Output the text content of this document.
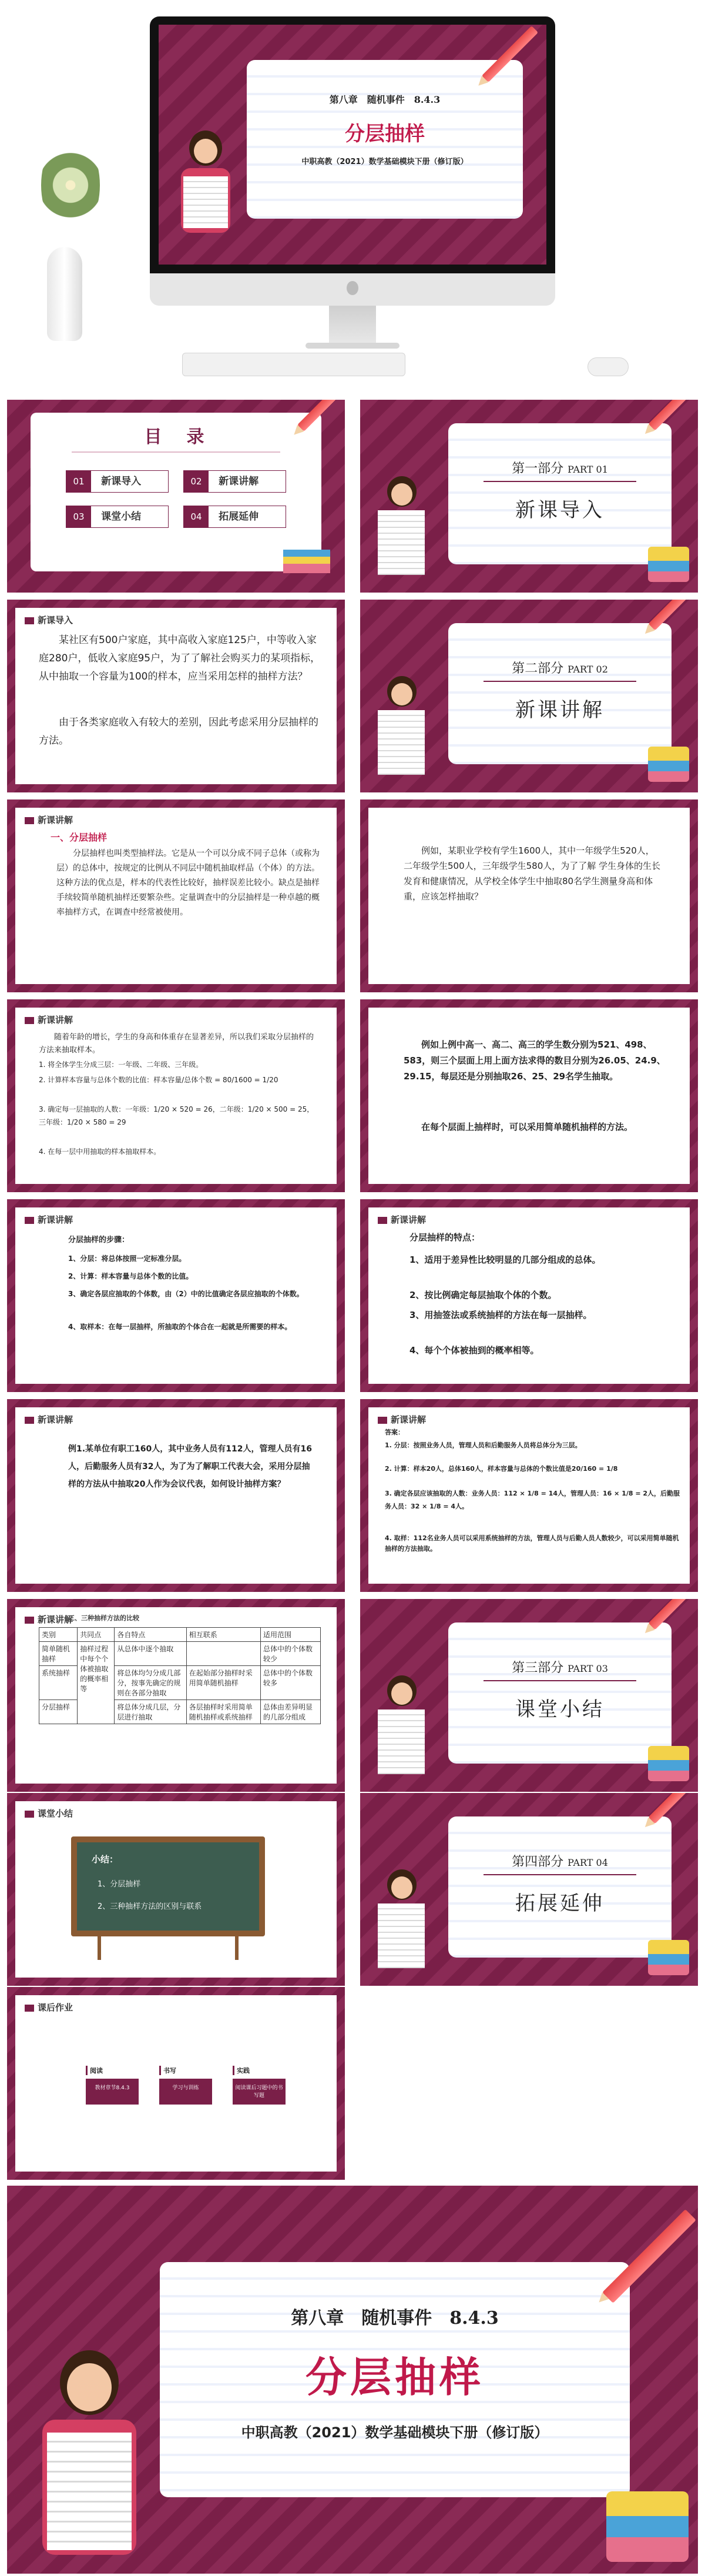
第八章　随机事件　8.4.3
分层抽样
中职高教（2021）数学基础模块下册（修订版）
目　录
01 新课导入	02 新课讲解
03 课堂小结	04 拓展延伸
第一部分 PART 01
新课导入
新课导入
某社区有500户家庭，其中高收入家庭125户，中等收入家庭280户，低收入家庭95户，为了了解社会购买力的某项指标，从中抽取一个容量为100的样本，应当采用怎样的抽样方法？
由于各类家庭收入有较大的差别，因此考虑采用分层抽样的方法。
第二部分 PART 02
新课讲解
新课讲解
一、分层抽样
分层抽样也叫类型抽样法。它是从一个可以分成不同子总体（或称为层）的总体中，按规定的比例从不同层中随机抽取样品（个体）的方法。这种方法的优点是，样本的代表性比较好，抽样误差比较小。缺点是抽样手续较简单随机抽样还要繁杂些。定量调查中的分层抽样是一种卓越的概率抽样方式，在调查中经常被使用。
例如，某职业学校有学生1600人，其中一年级学生520人，二年级学生500人，三年级学生580人，为了了解 学生身体的生长发育和健康情况，从学校全体学生中抽取80名学生测量身高和体重，应该怎样抽取？
新课讲解
随着年龄的增长，学生的身高和体重存在显著差异，所以我们采取分层抽样的方法来抽取样本。
1. 将全体学生分成三层：一年级、二年级、三年级。
2. 计算样本容量与总体个数的比值：样本容量/总体个数 = 80/1600 = 1/20
3. 确定每一层抽取的人数：一年级：1/20 × 520 = 26，二年级：1/20 × 500 = 25，三年级：1/20 × 580 = 29
4. 在每一层中用抽取的样本抽取样本。
例如上例中高一、高二、高三的学生数分别为521、498、583，则三个层面上用上面方法求得的数目分别为26.05、24.9、29.15，每层还是分别抽取26、25、29名学生抽取。
在每个层面上抽样时，可以采用简单随机抽样的方法。
新课讲解
分层抽样的步骤：
1、分层：将总体按照一定标准分层。
2、计算：样本容量与总体个数的比值。
3、确定各层应抽取的个体数，由（2）中的比值确定各层应抽取的个体数。
4、取样本：在每一层抽样，所抽取的个体合在一起就是所需要的样本。
新课讲解
分层抽样的特点：
1、适用于差异性比较明显的几部分组成的总体。
2、按比例确定每层抽取个体的个数。
3、用抽签法或系统抽样的方法在每一层抽样。
4、每个个体被抽到的概率相等。
新课讲解
例1.某单位有职工160人，其中业务人员有112人，管理人员有16人，后勤服务人员有32人，为了为了解职工代表大会，采用分层抽样的方法从中抽取20人作为会议代表，如何设计抽样方案？
新课讲解
答案：
1. 分层：按照业务人员，管理人员和后勤服务人员将总体分为三层。
2. 计算：样本20人，总体160人，样本容量与总体的个数比值是20/160 = 1/8
3. 确定各层应该抽取的人数：业务人员：112 × 1/8 = 14人，管理人员：16 × 1/8 = 2人，后勤服务人员：32 × 1/8 = 4人。
4. 取样：112名业务人员可以采用系统抽样的方法，管理人员与后勤人员人数较少，可以采用简单随机抽样的方法抽取。
新课讲解
三、三种抽样方法的比较
类别	共同点	各自特点	相互联系	适用范围
简单随机抽样	抽样过程中每个个体被抽取的概率相等	从总体中逐个抽取		总体中的个体数较少
系统抽样		将总体均匀分成几部分，按事先确定的规则在各部分抽取	在起始部分抽样时采用简单随机抽样	总体中的个体数较多
分层抽样		将总体分成几层，分层进行抽取	各层抽样时采用简单随机抽样或系统抽样	总体由差异明显的几部分组成
第三部分 PART 03
课堂小结
课堂小结
小结：
1、分层抽样
2、三种抽样方法的区别与联系
第四部分 PART 04
拓展延伸
课后作业
阅读
教材章节8.4.3
书写
学习与训练
实践
阅读课后习题中的书写题
第八章　随机事件　8.4.3
分层抽样
中职高教（2021）数学基础模块下册（修订版）
